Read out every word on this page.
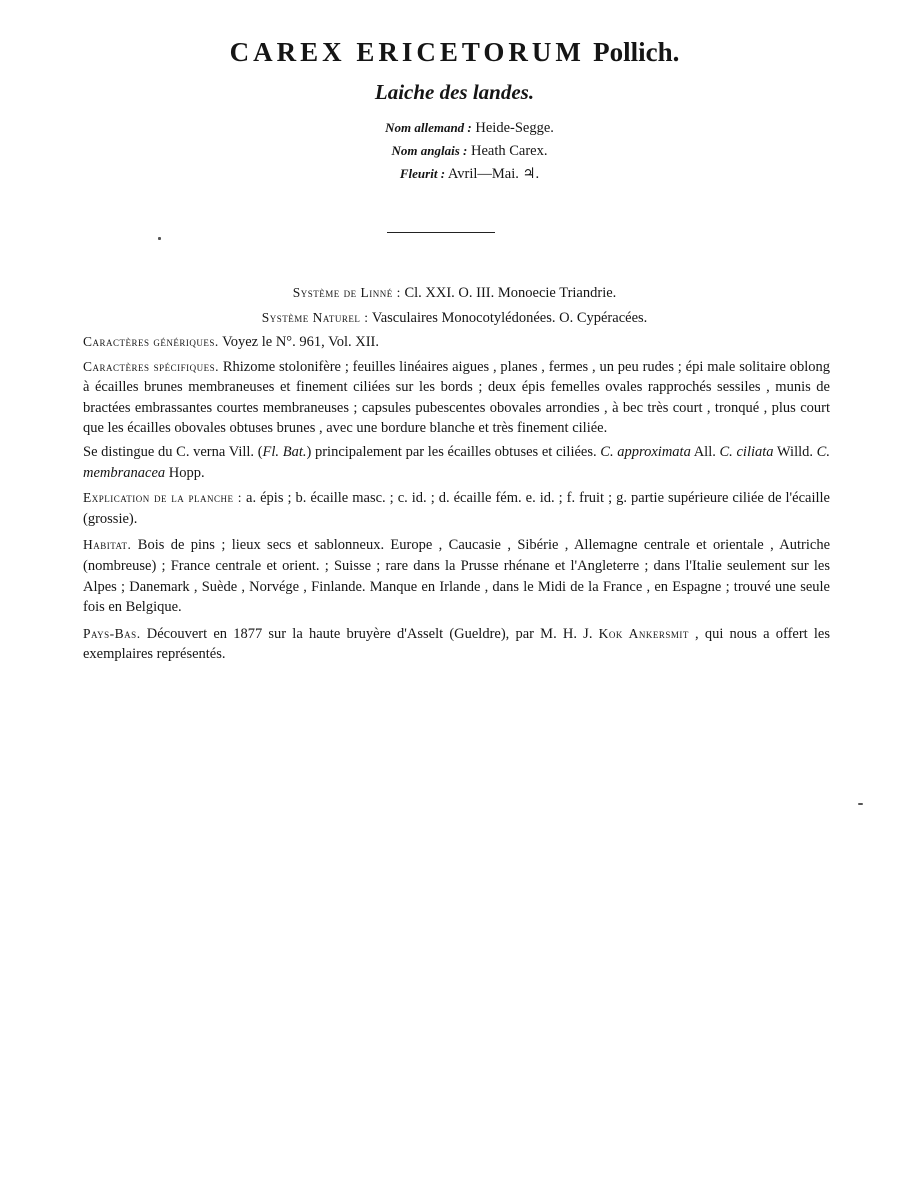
CAREX ERICETORUM Pollich.
Laiche des landes.
Nom allemand : Heide-Segge.
Nom anglais : Heath Carex.
Fleurit : Avril—Mai. ♃.
Système de Linné : Cl. XXI. O. III. Monoecie Triandrie.
Système Naturel : Vasculaires Monocotylédonées. O. Cypéracées.

Caractères génériques. Voyez le N°. 961, Vol. XII.

Caractères spécifiques. Rhizome stolonifère ; feuilles linéaires aigues , planes , fermes , un peu rudes ; épi male solitaire oblong à écailles brunes membraneuses et finement ciliées sur les bords ; deux épis femelles ovales rapprochés sessiles , munis de bractées embrassantes courtes membraneuses ; capsules pubescentes obovales arrondies , à bec très court , tronqué , plus court que les écailles obovales obtuses brunes , avec une bordure blanche et très finement ciliée.

Se distingue du C. verna Vill. (Fl. Bat.) principalement par les écailles obtuses et ciliées. C. approximata All. C. ciliata Willd. C. membranacea Hopp.

Explication de la planche : a. épis ; b. écaille masc. ; c. id. ; d. écaille fém. e. id. ; f. fruit ; g. partie supérieure ciliée de l'écaille (grossie).

Habitat. Bois de pins ; lieux secs et sablonneux. Europe , Caucasie , Sibérie , Allemagne centrale et orientale , Autriche (nombreuse) ; France centrale et orient. ; Suisse ; rare dans la Prusse rhénane et l'Angleterre ; dans l'Italie seulement sur les Alpes ; Danemark , Suède , Norvége , Finlande. Manque en Irlande , dans le Midi de la France , en Espagne ; trouvé une seule fois en Belgique.

Pays-Bas. Découvert en 1877 sur la haute bruyère d'Asselt (Gueldre), par M. H. J. Kok Ankersmit , qui nous a offert les exemplaires représentés.
